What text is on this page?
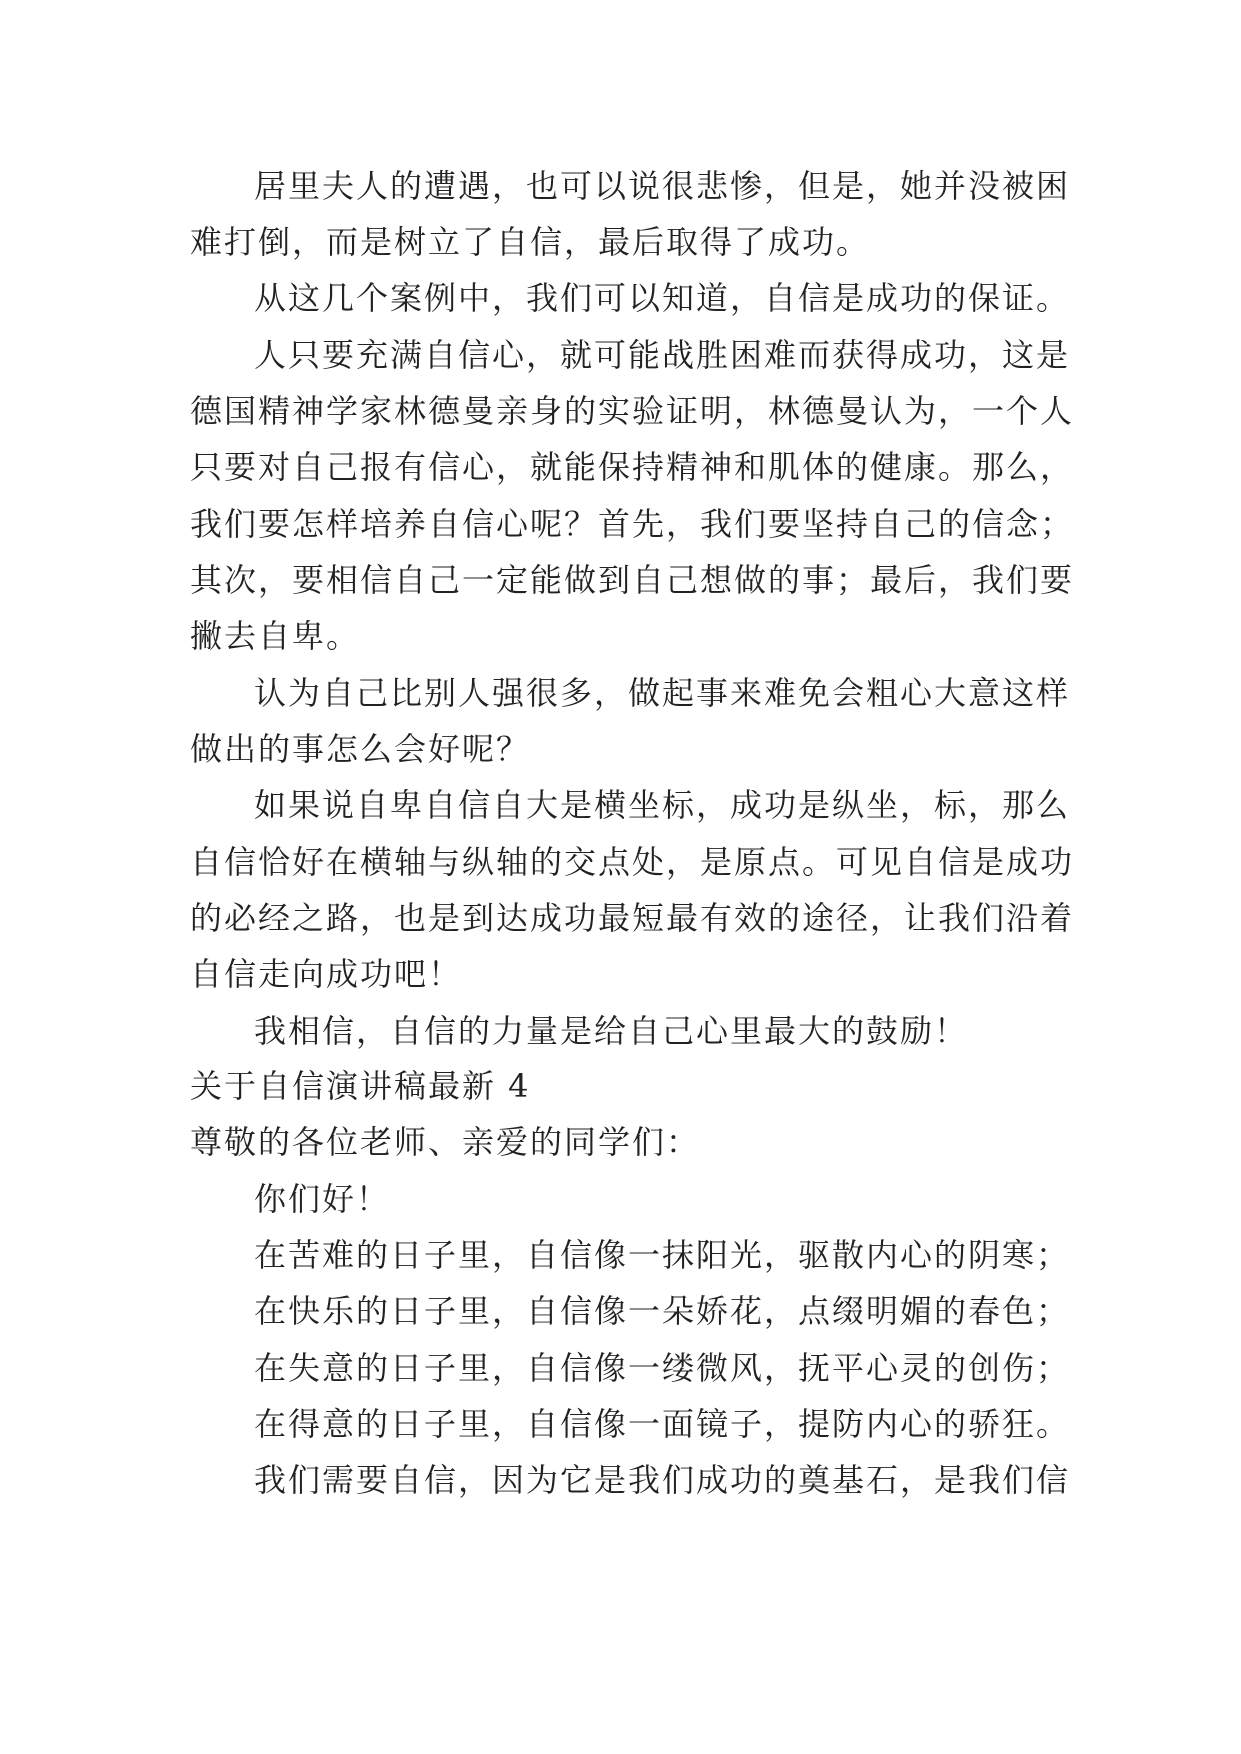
居里夫人的遭遇，也可以说很悲惨，但是，她并没被困
难打倒，而是树立了自信，最后取得了成功。
从这几个案例中，我们可以知道，自信是成功的保证。
人只要充满自信心，就可能战胜困难而获得成功，这是
德国精神学家林德曼亲身的实验证明，林德曼认为，一个人
只要对自己报有信心，就能保持精神和肌体的健康。那么，
我们要怎样培养自信心呢？首先，我们要坚持自己的信念；
其次，要相信自己一定能做到自己想做的事；最后，我们要
撇去自卑。
认为自己比别人强很多，做起事来难免会粗心大意这样
做出的事怎么会好呢？
如果说自卑自信自大是横坐标，成功是纵坐，标，那么
自信恰好在横轴与纵轴的交点处，是原点。可见自信是成功
的必经之路，也是到达成功最短最有效的途径，让我们沿着
自信走向成功吧！
我相信，自信的力量是给自己心里最大的鼓励！
关于自信演讲稿最新 4
尊敬的各位老师、亲爱的同学们：
你们好！
在苦难的日子里，自信像一抹阳光，驱散内心的阴寒；
在快乐的日子里，自信像一朵娇花，点缀明媚的春色；
在失意的日子里，自信像一缕微风，抚平心灵的创伤；
在得意的日子里，自信像一面镜子，提防内心的骄狂。
我们需要自信，因为它是我们成功的奠基石，是我们信
